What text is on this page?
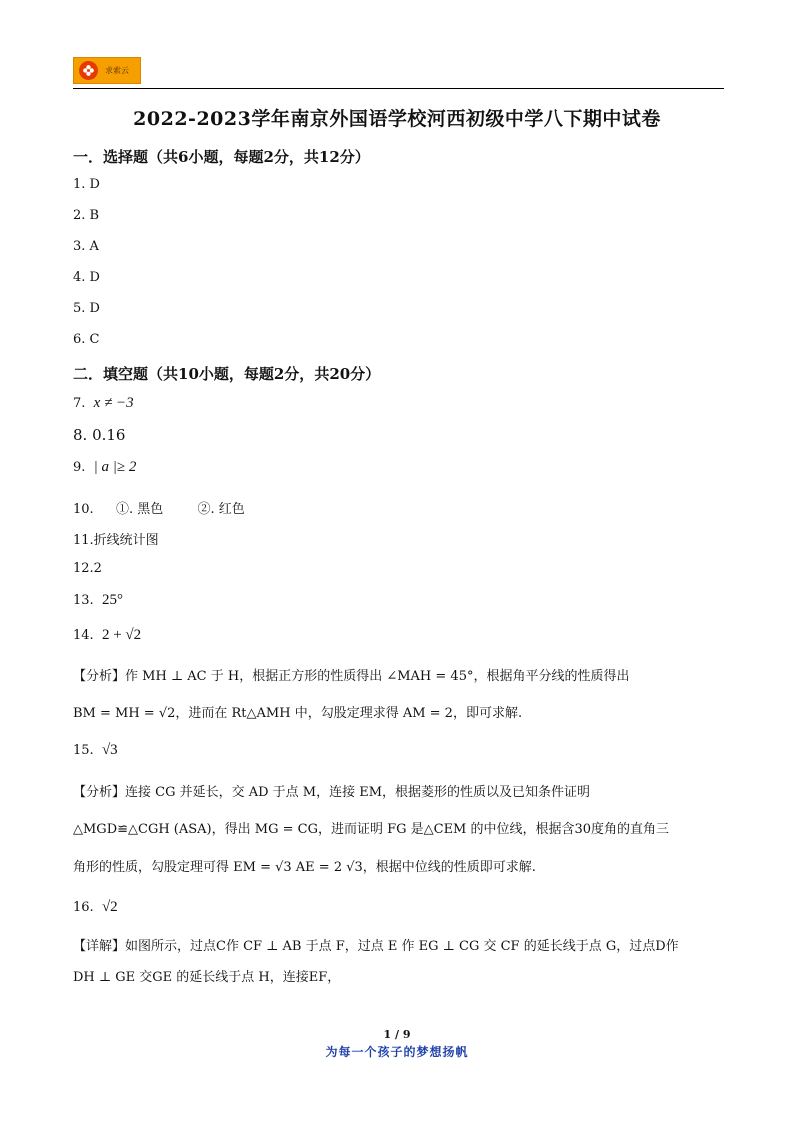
求索云
2022-2023学年南京外国语学校河西初级中学八下期中试卷
一．选择题（共6小题，每题2分，共12分）
1. D
2. B
3. A
4. D
5. D
6. C
二．填空题（共10小题，每题2分，共20分）
7. x ≠ −3
8. 0.16
9. | a |≥ 2
10. ①. 黑色	②. 红色
11.折线统计图
12.2
13. 25°
14. 2 + √2
【分析】作 MH ⊥ AC 于 H，根据正方形的性质得出 ∠MAH = 45°，根据角平分线的性质得出
BM = MH = √2，进而在 Rt△AMH 中，勾股定理求得 AM = 2，即可求解.
15. √3
【分析】连接 CG 并延长，交 AD 于点 M，连接 EM，根据菱形的性质以及已知条件证明
△MGD≌△CGH (ASA)，得出 MG = CG，进而证明 FG 是△CEM 的中位线，根据含30度角的直角三
角形的性质，勾股定理可得 EM = √3 AE = 2 √3，根据中位线的性质即可求解.
16. √2
【详解】如图所示，过点C作 CF ⊥ AB 于点 F，过点 E 作 EG ⊥ CG 交 CF 的延长线于点 G，过点D作
DH ⊥ GE 交GE 的延长线于点 H，连接EF，
1 / 9
为每一个孩子的梦想扬帆
